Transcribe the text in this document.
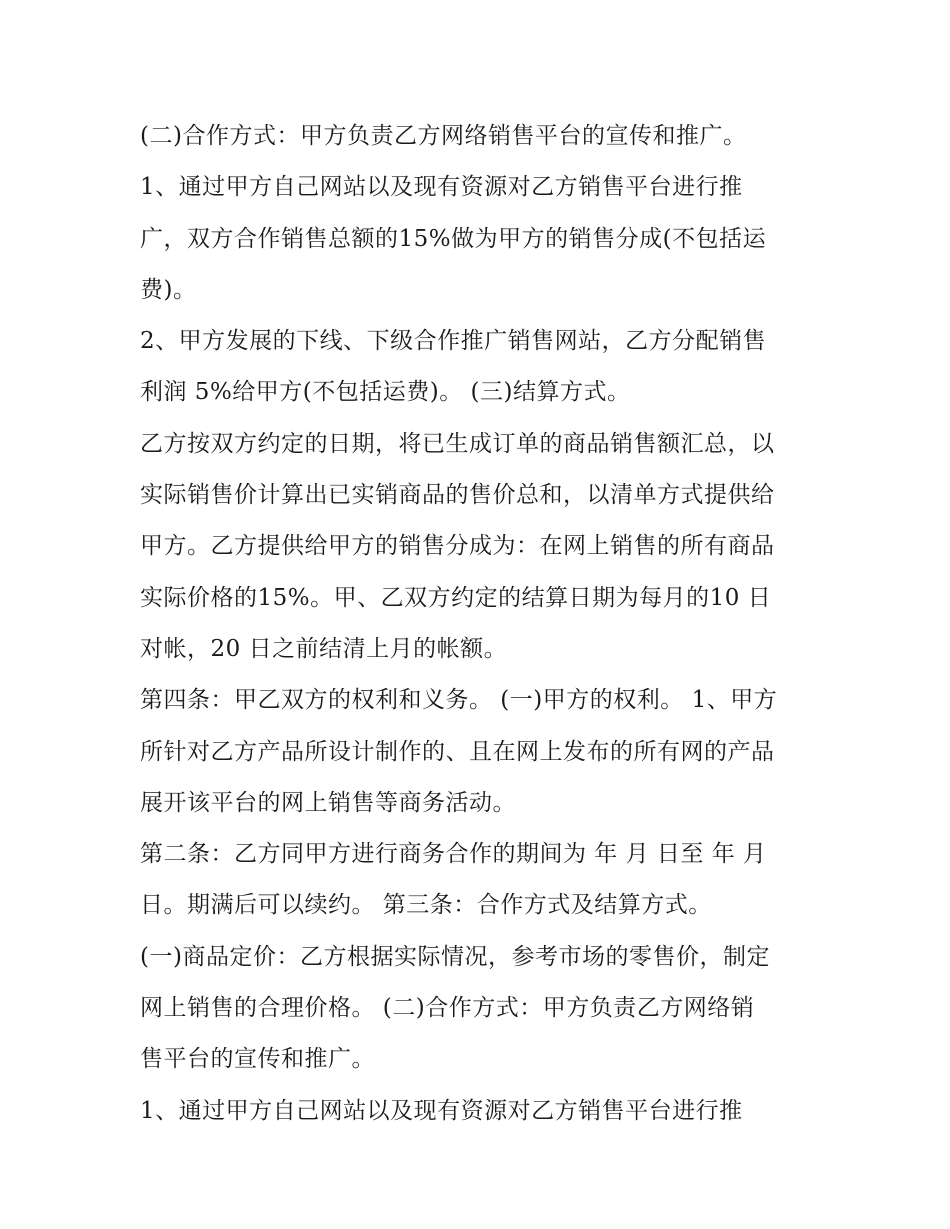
(二)合作方式：甲方负责乙方网络销售平台的宣传和推广。
1、通过甲方自己网站以及现有资源对乙方销售平台进行推
广，双方合作销售总额的15%做为甲方的销售分成(不包括运
费)。
2、甲方发展的下线、下级合作推广销售网站，乙方分配销售
利润 5%给甲方(不包括运费)。 (三)结算方式。
乙方按双方约定的日期，将已生成订单的商品销售额汇总，以
实际销售价计算出已实销商品的售价总和，以清单方式提供给
甲方。乙方提供给甲方的销售分成为：在网上销售的所有商品
实际价格的15%。甲、乙双方约定的结算日期为每月的10 日
对帐，20 日之前结清上月的帐额。
第四条：甲乙双方的权利和义务。 (一)甲方的权利。 1、甲方
所针对乙方产品所设计制作的、且在网上发布的所有网的产品
展开该平台的网上销售等商务活动。
第二条：乙方同甲方进行商务合作的期间为 年 月 日至 年 月
日。期满后可以续约。 第三条：合作方式及结算方式。
(一)商品定价：乙方根据实际情况，参考市场的零售价，制定
网上销售的合理价格。 (二)合作方式：甲方负责乙方网络销
售平台的宣传和推广。
1、通过甲方自己网站以及现有资源对乙方销售平台进行推
